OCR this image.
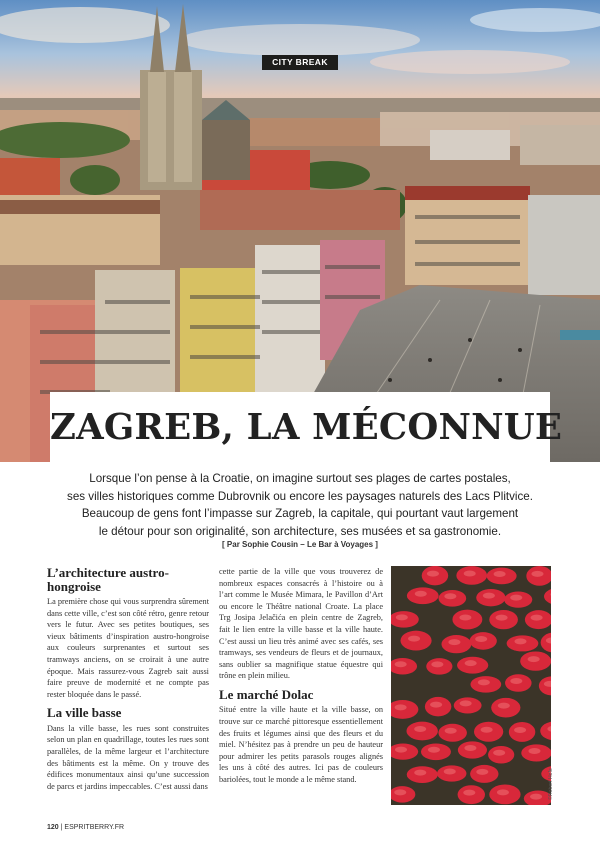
CITY BREAK
ZAGREB, LA MÉCONNUE
Lorsque l’on pense à la Croatie, on imagine surtout ses plages de cartes postales,
ses villes historiques comme Dubrovnik ou encore les paysages naturels des Lacs Plitvice.
Beaucoup de gens font l’impasse sur Zagreb, la capitale, qui pourtant vaut largement
le détour pour son originalité, son architecture, ses musées et sa gastronomie.
[ Par Sophie Cousin – Le Bar à Voyages ]
L’architecture austro-hongroise

La première chose qui vous surprendra sûrement dans cette ville, c’est son côté rétro, genre retour vers le futur. Avec ses petites boutiques, ses vieux bâtiments d’inspiration austro-hongroise aux couleurs surprenantes et surtout ses tramways anciens, on se croirait à une autre époque. Mais rassurez-vous Zagreb sait aussi faire preuve de modernité et ne compte pas rester bloquée dans le passé.

La ville basse

Dans la ville basse, les rues sont construites selon un plan en quadrillage, toutes les rues sont parallèles, de la même largeur et l’architecture des bâtiments est la même. On y trouve des édifices monumentaux ainsi qu’une succession de parcs et jardins impeccables. C’est aussi dans

cette partie de la ville que vous trouverez de nombreux espaces consacrés à l’histoire ou à l’art comme le Musée Mimara, le Pavillon d’Art ou encore le Théâtre national Croate. La place Trg Josipa Jelačića en plein centre de Zagreb, fait le lien entre la ville basse et la ville haute. C’est aussi un lieu très animé avec ses cafés, ses tramways, ses vendeurs de fleurs et de journaux, sans oublier sa magnifique statue équestre qui trône en plein milieu.

Le marché Dolac

Situé entre la ville haute et la ville basse, on trouve sur ce marché pittoresque essentiellement des fruits et légumes ainsi que des fleurs et du miel. N’hésitez pas à prendre un peu de hauteur pour admirer les petits parasols rouges alignés les uns à côté des autres. Ici pas de couleurs bariolées, tout le monde a le même stand.	©Robert Hofe
120 | ESPRITBERRY.FR
